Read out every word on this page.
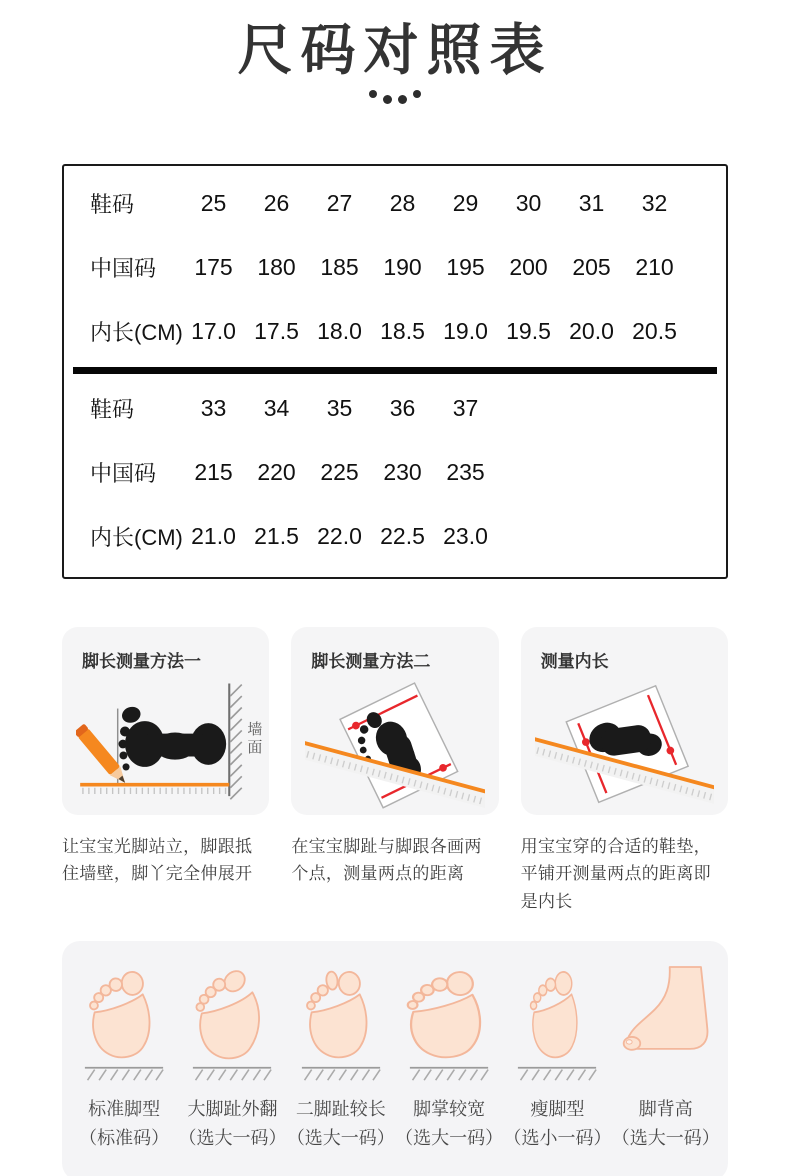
尺码对照表
鞋码	25	26	27	28	29	30	31	32
中国码	175	180	185	190	195	200	205	210
内长(CM) 17.0 17.5 18.0 18.5 19.0 19.5 20.0 20.5
鞋码	33	34	35	36	37
中国码	215	220	225	230	235
内长(CM) 21.0 21.5 22.0 22.5 23.0
脚长测量方法一
墙面
脚长测量方法二	测量内长

让宝宝光脚站立，脚跟抵住墙壁，脚丫完全伸展开

在宝宝脚趾与脚跟各画两个点，测量两点的距离

用宝宝穿的合适的鞋垫，平铺开测量两点的距离即是内长

标准脚型
（标准码）
大脚趾外翻
（选大一码）
二脚趾较长
（选大一码）
脚掌较宽
（选大一码）
瘦脚型
（选小一码）
脚背高
（选大一码）
